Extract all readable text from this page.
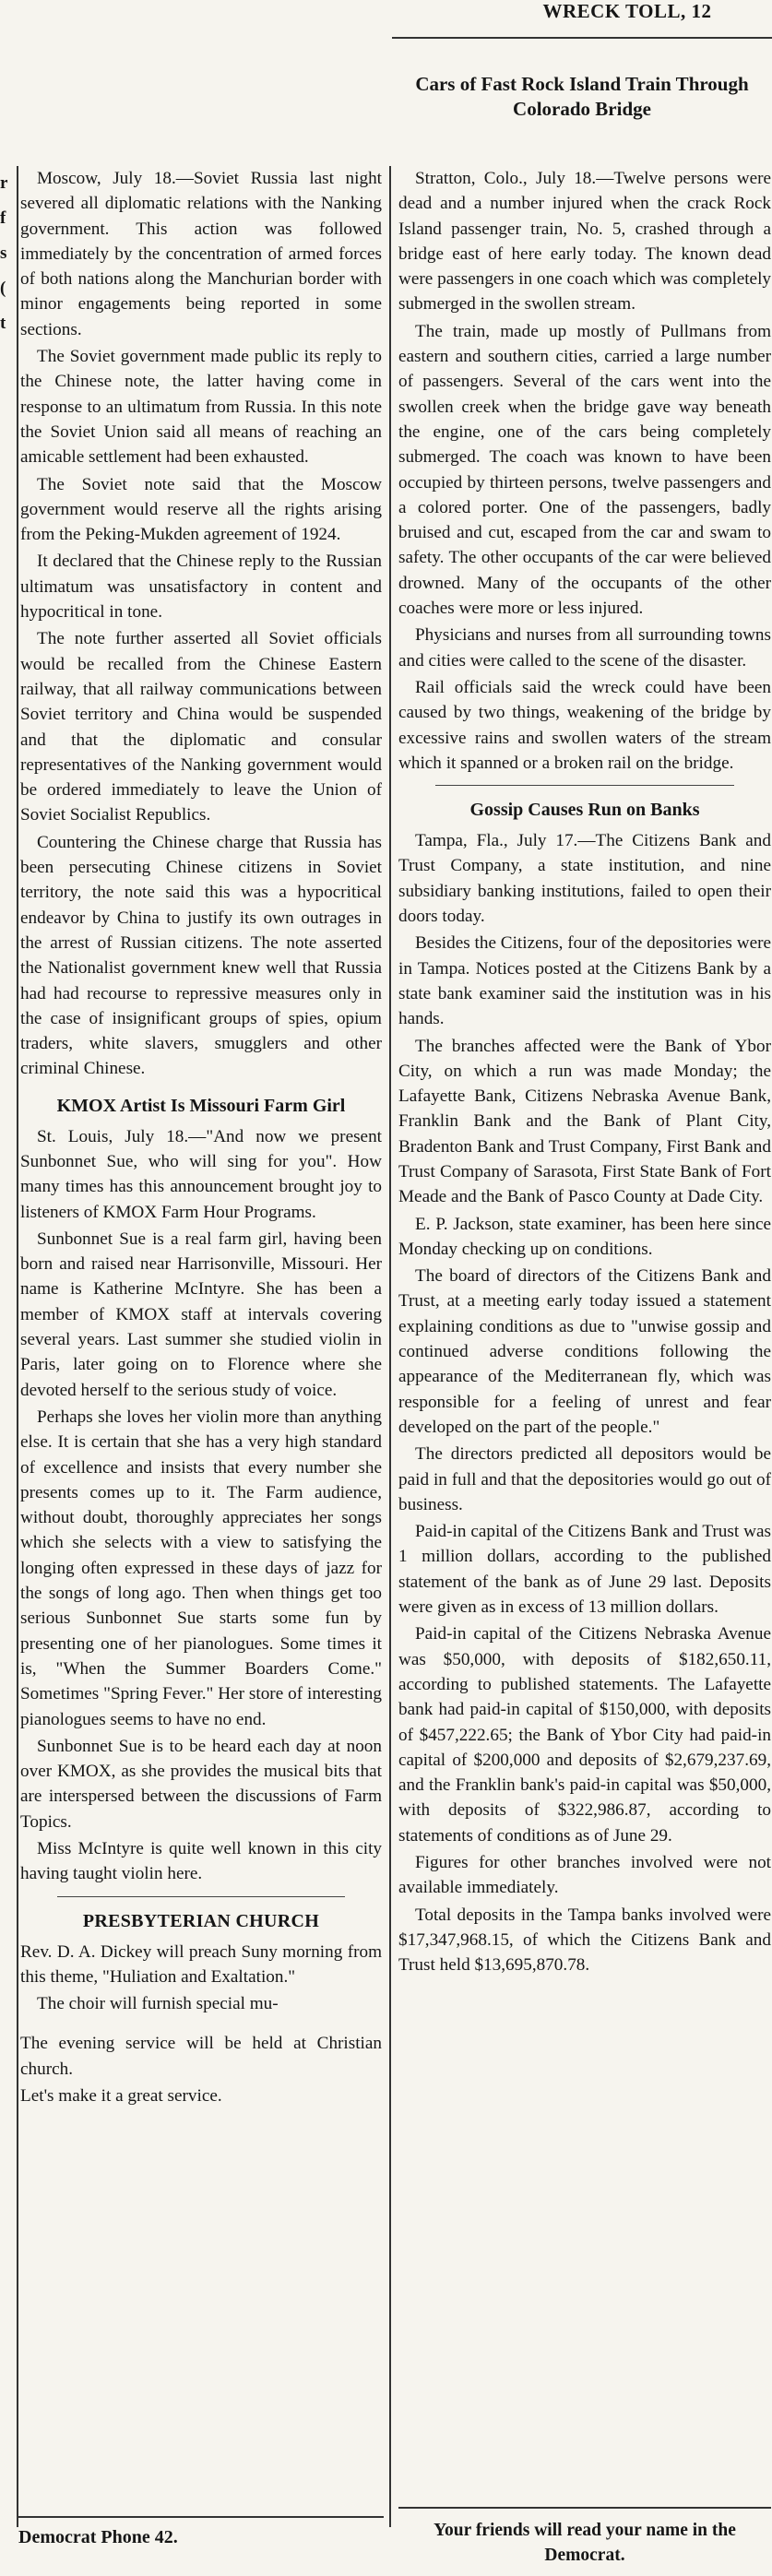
WRECK TOLL, 12
Cars of Fast Rock Island Train Through Colorado Bridge
r
f
s
(
t

Moscow, July 18.—Soviet Russia last night severed all diplomatic relations with the Nanking government. This action was followed immediately by the concentration of armed forces of both nations along the Manchurian border with minor engagements being reported in some sections.

The Soviet government made public its reply to the Chinese note, the latter having come in response to an ultimatum from Russia. In this note the Soviet Union said all means of reaching an amicable settlement had been exhausted.

The Soviet note said that the Moscow government would reserve all the rights arising from the Peking-Mukden agreement of 1924.

It declared that the Chinese reply to the Russian ultimatum was unsatisfactory in content and hypocritical in tone.

The note further asserted all Soviet officials would be recalled from the Chinese Eastern railway, that all railway communications between Soviet territory and China would be suspended and that the diplomatic and consular representatives of the Nanking government would be ordered immediately to leave the Union of Soviet Socialist Republics.

Countering the Chinese charge that Russia has been persecuting Chinese citizens in Soviet territory, the note said this was a hypocritical endeavor by China to justify its own outrages in the arrest of Russian citizens. The note asserted the Nationalist government knew well that Russia had had recourse to repressive measures only in the case of insignificant groups of spies, opium traders, white slavers, smugglers and other criminal Chinese.

KMOX Artist Is Missouri Farm Girl

St. Louis, July 18.—"And now we present Sunbonnet Sue, who will sing for you". How many times has this announcement brought joy to listeners of KMOX Farm Hour Programs.

Sunbonnet Sue is a real farm girl, having been born and raised near Harrisonville, Missouri. Her name is Katherine McIntyre. She has been a member of KMOX staff at intervals covering several years. Last summer she studied violin in Paris, later going on to Florence where she devoted herself to the serious study of voice.

Perhaps she loves her violin more than anything else. It is certain that she has a very high standard of excellence and insists that every number she presents comes up to it. The Farm audience, without doubt, thoroughly appreciates her songs which she selects with a view to satisfying the longing often expressed in these days of jazz for the songs of long ago. Then when things get too serious Sunbonnet Sue starts some fun by presenting one of her pianologues. Some times it is, "When the Summer Boarders Come." Sometimes "Spring Fever." Her store of interesting pianologues seems to have no end.

Sunbonnet Sue is to be heard each day at noon over KMOX, as she provides the musical bits that are interspersed between the discussions of Farm Topics.

Miss McIntyre is quite well known in this city having taught violin here.

PRESBYTERIAN CHURCH

Rev. D. A. Dickey will preach Suny morning from this theme, "Huliation and Exaltation."

The choir will furnish special mu-

The evening service will be held at Christian church.

Let's make it a great service.

Democrat Phone 42.

Stratton, Colo., July 18.—Twelve persons were dead and a number injured when the crack Rock Island passenger train, No. 5, crashed through a bridge east of here early today. The known dead were passengers in one coach which was completely submerged in the swollen stream.

The train, made up mostly of Pullmans from eastern and southern cities, carried a large number of passengers. Several of the cars went into the swollen creek when the bridge gave way beneath the engine, one of the cars being completely submerged. The coach was known to have been occupied by thirteen persons, twelve passengers and a colored porter. One of the passengers, badly bruised and cut, escaped from the car and swam to safety. The other occupants of the car were believed drowned. Many of the occupants of the other coaches were more or less injured.

Physicians and nurses from all surrounding towns and cities were called to the scene of the disaster.

Rail officials said the wreck could have been caused by two things, weakening of the bridge by excessive rains and swollen waters of the stream which it spanned or a broken rail on the bridge.

Gossip Causes Run on Banks

Tampa, Fla., July 17.—The Citizens Bank and Trust Company, a state institution, and nine subsidiary banking institutions, failed to open their doors today.

Besides the Citizens, four of the depositories were in Tampa. Notices posted at the Citizens Bank by a state bank examiner said the institution was in his hands.

The branches affected were the Bank of Ybor City, on which a run was made Monday; the Lafayette Bank, Citizens Nebraska Avenue Bank, Franklin Bank and the Bank of Plant City, Bradenton Bank and Trust Company, First Bank and Trust Company of Sarasota, First State Bank of Fort Meade and the Bank of Pasco County at Dade City.

E. P. Jackson, state examiner, has been here since Monday checking up on conditions.

The board of directors of the Citizens Bank and Trust, at a meeting early today issued a statement explaining conditions as due to "unwise gossip and continued adverse conditions following the appearance of the Mediterranean fly, which was responsible for a feeling of unrest and fear developed on the part of the people."

The directors predicted all depositors would be paid in full and that the depositories would go out of business.

Paid-in capital of the Citizens Bank and Trust was 1 million dollars, according to the published statement of the bank as of June 29 last. Deposits were given as in excess of 13 million dollars.

Paid-in capital of the Citizens Nebraska Avenue was $50,000, with deposits of $182,650.11, according to published statements. The Lafayette bank had paid-in capital of $150,000, with deposits of $457,222.65; the Bank of Ybor City had paid-in capital of $200,000 and deposits of $2,679,237.69, and the Franklin bank's paid-in capital was $50,000, with deposits of $322,986.87, according to statements of conditions as of June 29.

Figures for other branches involved were not available immediately.

Total deposits in the Tampa banks involved were $17,347,968.15, of which the Citizens Bank and Trust held $13,695,870.78.

Your friends will read your name in the Democrat.
